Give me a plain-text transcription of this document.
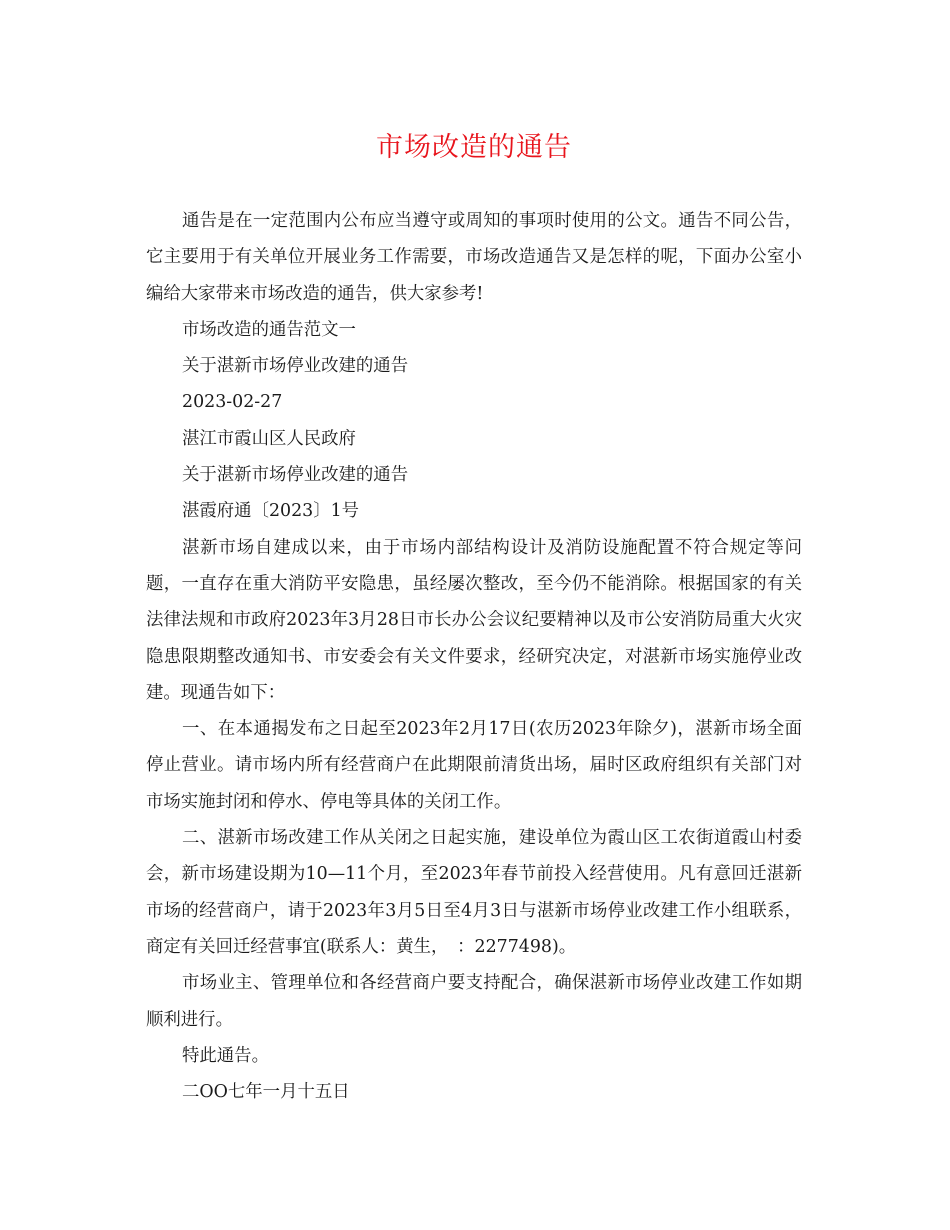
市场改造的通告

通告是在一定范围内公布应当遵守或周知的事项时使用的公文。通告不同公告，它主要用于有关单位开展业务工作需要，市场改造通告又是怎样的呢，下面办公室小编给大家带来市场改造的通告，供大家参考!

市场改造的通告范文一

关于湛新市场停业改建的通告

2023-02-27

湛江市霞山区人民政府

关于湛新市场停业改建的通告

湛霞府通〔2023〕1号

湛新市场自建成以来，由于市场内部结构设计及消防设施配置不符合规定等问题，一直存在重大消防平安隐患，虽经屡次整改，至今仍不能消除。根据国家的有关法律法规和市政府2023年3月28日市长办公会议纪要精神以及市公安消防局重大火灾隐患限期整改通知书、市安委会有关文件要求，经研究决定，对湛新市场实施停业改建。现通告如下：

一、在本通揭发布之日起至2023年2月17日(农历2023年除夕)，湛新市场全面停止营业。请市场内所有经营商户在此期限前清货出场，届时区政府组织有关部门对市场实施封闭和停水、停电等具体的关闭工作。

二、湛新市场改建工作从关闭之日起实施，建设单位为霞山区工农街道霞山村委会，新市场建设期为10—11个月，至2023年春节前投入经营使用。凡有意回迁湛新市场的经营商户，请于2023年3月5日至4月3日与湛新市场停业改建工作小组联系，商定有关回迁经营事宜(联系人：黄生，　：2277498)。

市场业主、管理单位和各经营商户要支持配合，确保湛新市场停业改建工作如期顺利进行。

特此通告。

二OO七年一月十五日
